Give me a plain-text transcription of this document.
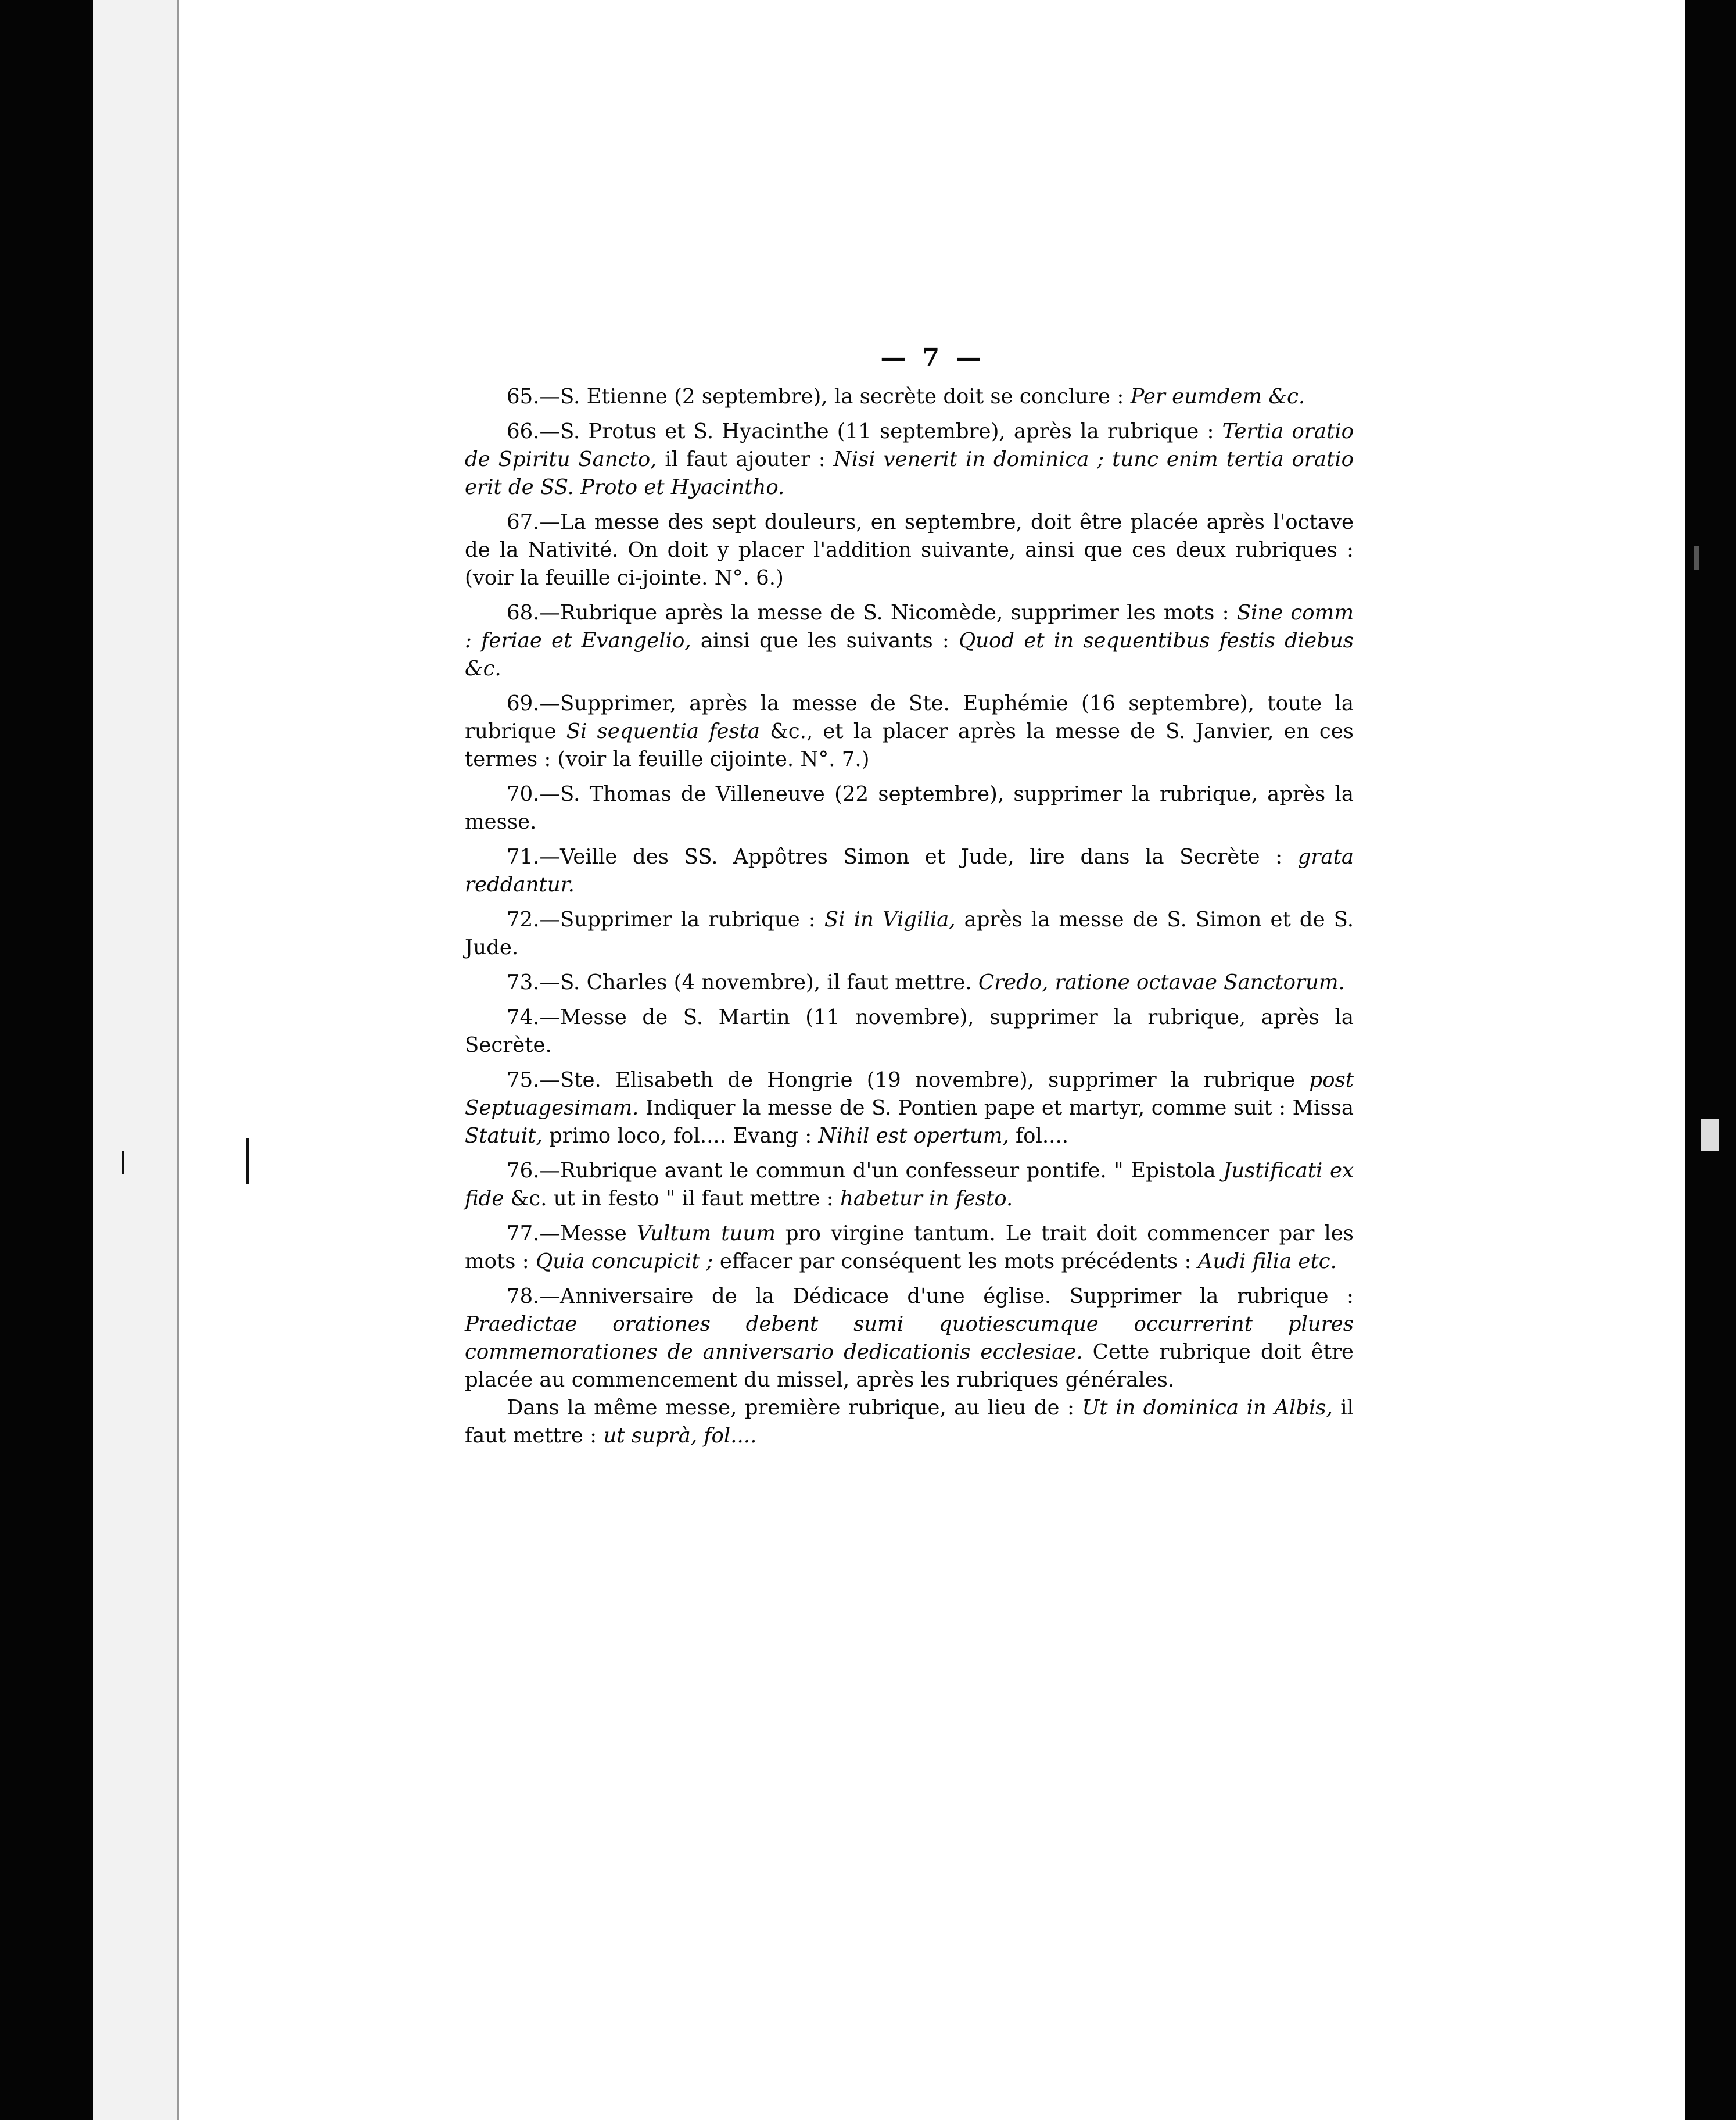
— 7 —

65.—S. Etienne (2 septembre), la secrète doit se conclure : Per eumdem &c.

66.—S. Protus et S. Hyacinthe (11 septembre), après la rubrique : Tertia oratio de Spiritu Sancto, il faut ajouter : Nisi venerit in dominica ; tunc enim tertia oratio erit de SS. Proto et Hyacintho.

67.—La messe des sept douleurs, en septembre, doit être placée après l'octave de la Nativité. On doit y placer l'addition suivante, ainsi que ces deux rubriques : (voir la feuille ci-jointe. N°. 6.)

68.—Rubrique après la messe de S. Nicomède, supprimer les mots : Sine comm : feriae et Evangelio, ainsi que les suivants : Quod et in sequentibus festis diebus &c.

69.—Supprimer, après la messe de Ste. Euphémie (16 septembre), toute la rubrique Si sequentia festa &c., et la placer après la messe de S. Janvier, en ces termes : (voir la feuille cijointe. N°. 7.)

70.—S. Thomas de Villeneuve (22 septembre), supprimer la rubrique, après la messe.

71.—Veille des SS. Appôtres Simon et Jude, lire dans la Secrète : grata reddantur.

72.—Supprimer la rubrique : Si in Vigilia, après la messe de S. Simon et de S. Jude.

73.—S. Charles (4 novembre), il faut mettre. Credo, ratione octavae Sanctorum.

74.—Messe de S. Martin (11 novembre), supprimer la rubrique, après la Secrète.

75.—Ste. Elisabeth de Hongrie (19 novembre), supprimer la rubrique post Septuagesimam. Indiquer la messe de S. Pontien pape et martyr, comme suit : Missa Statuit, primo loco, fol.... Evang : Nihil est opertum, fol....

76.—Rubrique avant le commun d'un confesseur pontife. " Epistola Justificati ex fide &c. ut in festo " il faut mettre : habetur in festo.

77.—Messe Vultum tuum pro virgine tantum. Le trait doit commencer par les mots : Quia concupicit ; effacer par conséquent les mots précédents : Audi filia etc.

78.—Anniversaire de la Dédicace d'une église. Supprimer la rubrique : Praedictae orationes debent sumi quotiescumque occurrerint plures commemorationes de anniversario dedicationis ecclesiae. Cette rubrique doit être placée au commencement du missel, après les rubriques générales.

Dans la même messe, première rubrique, au lieu de : Ut in dominica in Albis, il faut mettre : ut suprà, fol....
